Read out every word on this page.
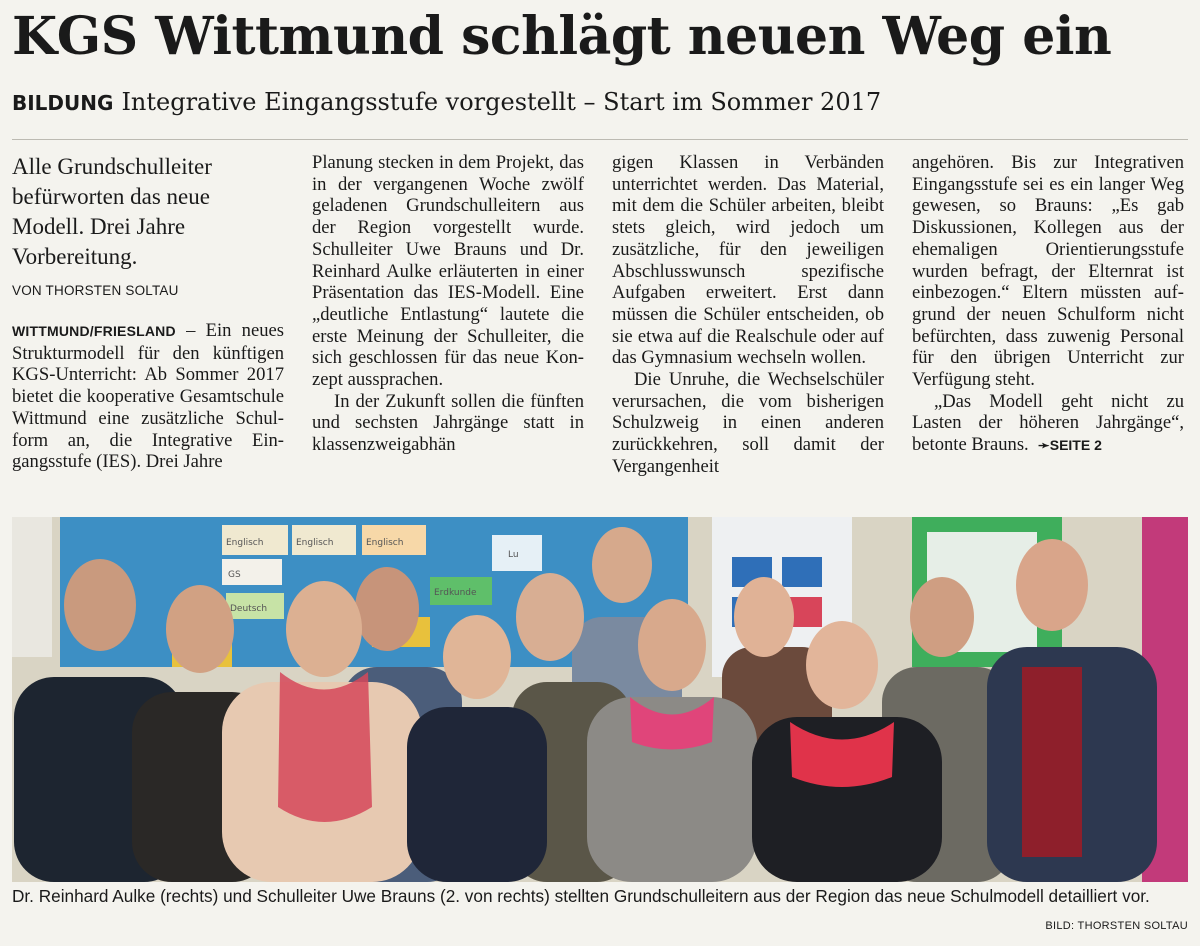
KGS Wittmund schlägt neuen Weg ein
BILDUNG Integrative Eingangsstufe vorgestellt – Start im Sommer 2017

Alle Grundschulleiter befürworten das neue Modell. Drei Jahre Vorbereitung.

VON THORSTEN SOLTAU

WITTMUND/FRIESLAND – Ein neues Strukturmodell für den künftigen KGS-Unterricht: Ab Sommer 2017 bietet die kooperative Gesamtschule Wittmund eine zusätzliche Schulform an, die Integrative Eingangsstufe (IES). Drei Jahre

Planung stecken in dem Projekt, das in der vergangenen Woche zwölf geladenen Grundschulleitern aus der Region vorgestellt wurde. Schulleiter Uwe Brauns und Dr. Reinhard Aulke erläuterten in einer Präsentation das IES-Modell. Eine „deutliche Entlastung“ lautete die erste Meinung der Schulleiter, die sich geschlossen für das neue Konzept aussprachen.

In der Zukunft sollen die fünften und sechsten Jahrgänge statt in klassenzweigabhän

gigen Klassen in Verbänden unterrichtet werden. Das Material, mit dem die Schüler arbeiten, bleibt stets gleich, wird jedoch um zusätzliche, für den jeweiligen Abschlusswunsch spezifische Aufgaben erweitert. Erst dann müssen die Schüler entscheiden, ob sie etwa auf die Realschule oder auf das Gymnasium wechseln wollen.

Die Unruhe, die Wechselschüler verursachen, die vom bisherigen Schulzweig in einen anderen zurückkehren, soll damit der Vergangenheit

angehören. Bis zur Integrativen Eingangsstufe sei es ein langer Weg gewesen, so Brauns: „Es gab Diskussionen, Kollegen aus der ehemaligen Orientierungsstufe wurden befragt, der Elternrat ist einbezogen.“ Eltern müssten aufgrund der neuen Schulform nicht befürchten, dass zuwenig Personal für den übrigen Unterricht zur Verfügung steht.

„Das Modell geht nicht zu Lasten der höheren Jahrgänge“, betonte Brauns. ➛SEITE 2

Englisch
GS
Lu
Englisch	Englisch
Erdkunde
Deutsch

Dr. Reinhard Aulke (rechts) und Schulleiter Uwe Brauns (2. von rechts) stellten Grundschulleitern aus der Region das neue Schulmodell detailliert vor.

BILD: THORSTEN SOLTAU
